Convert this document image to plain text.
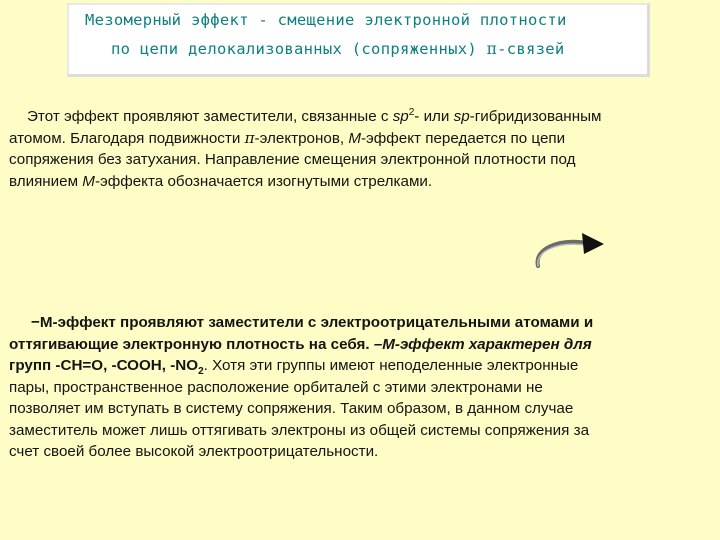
Мезомерный эффект - смещение электронной плотности
по цепи делокализованных (сопряженных) π-связей
Этот эффект проявляют заместители, связанные с $sp^2-$ или sp-гибридизованным
атомом. Благодаря подвижности π-электронов, М-эффект передается по цепи
сопряжения без затухания. Направление смещения электронной плотности под
влиянием М-эффекта обозначается изогнутыми стрелками.
−М-эффект проявляют заместители с электроотрицательными атомами и
оттягивающие электронную плотность на себя. –М-эффект характерен для
групп -СН=О, -СООН, $-NO_2$. Хотя эти группы имеют неподеленные электронные
пары, пространственное расположение орбиталей с этими электронами не
позволяет им вступать в систему сопряжения. Таким образом, в данном случае
заместитель может лишь оттягивать электроны из общей системы сопряжения за
счет своей более высокой электроотрицательности.
